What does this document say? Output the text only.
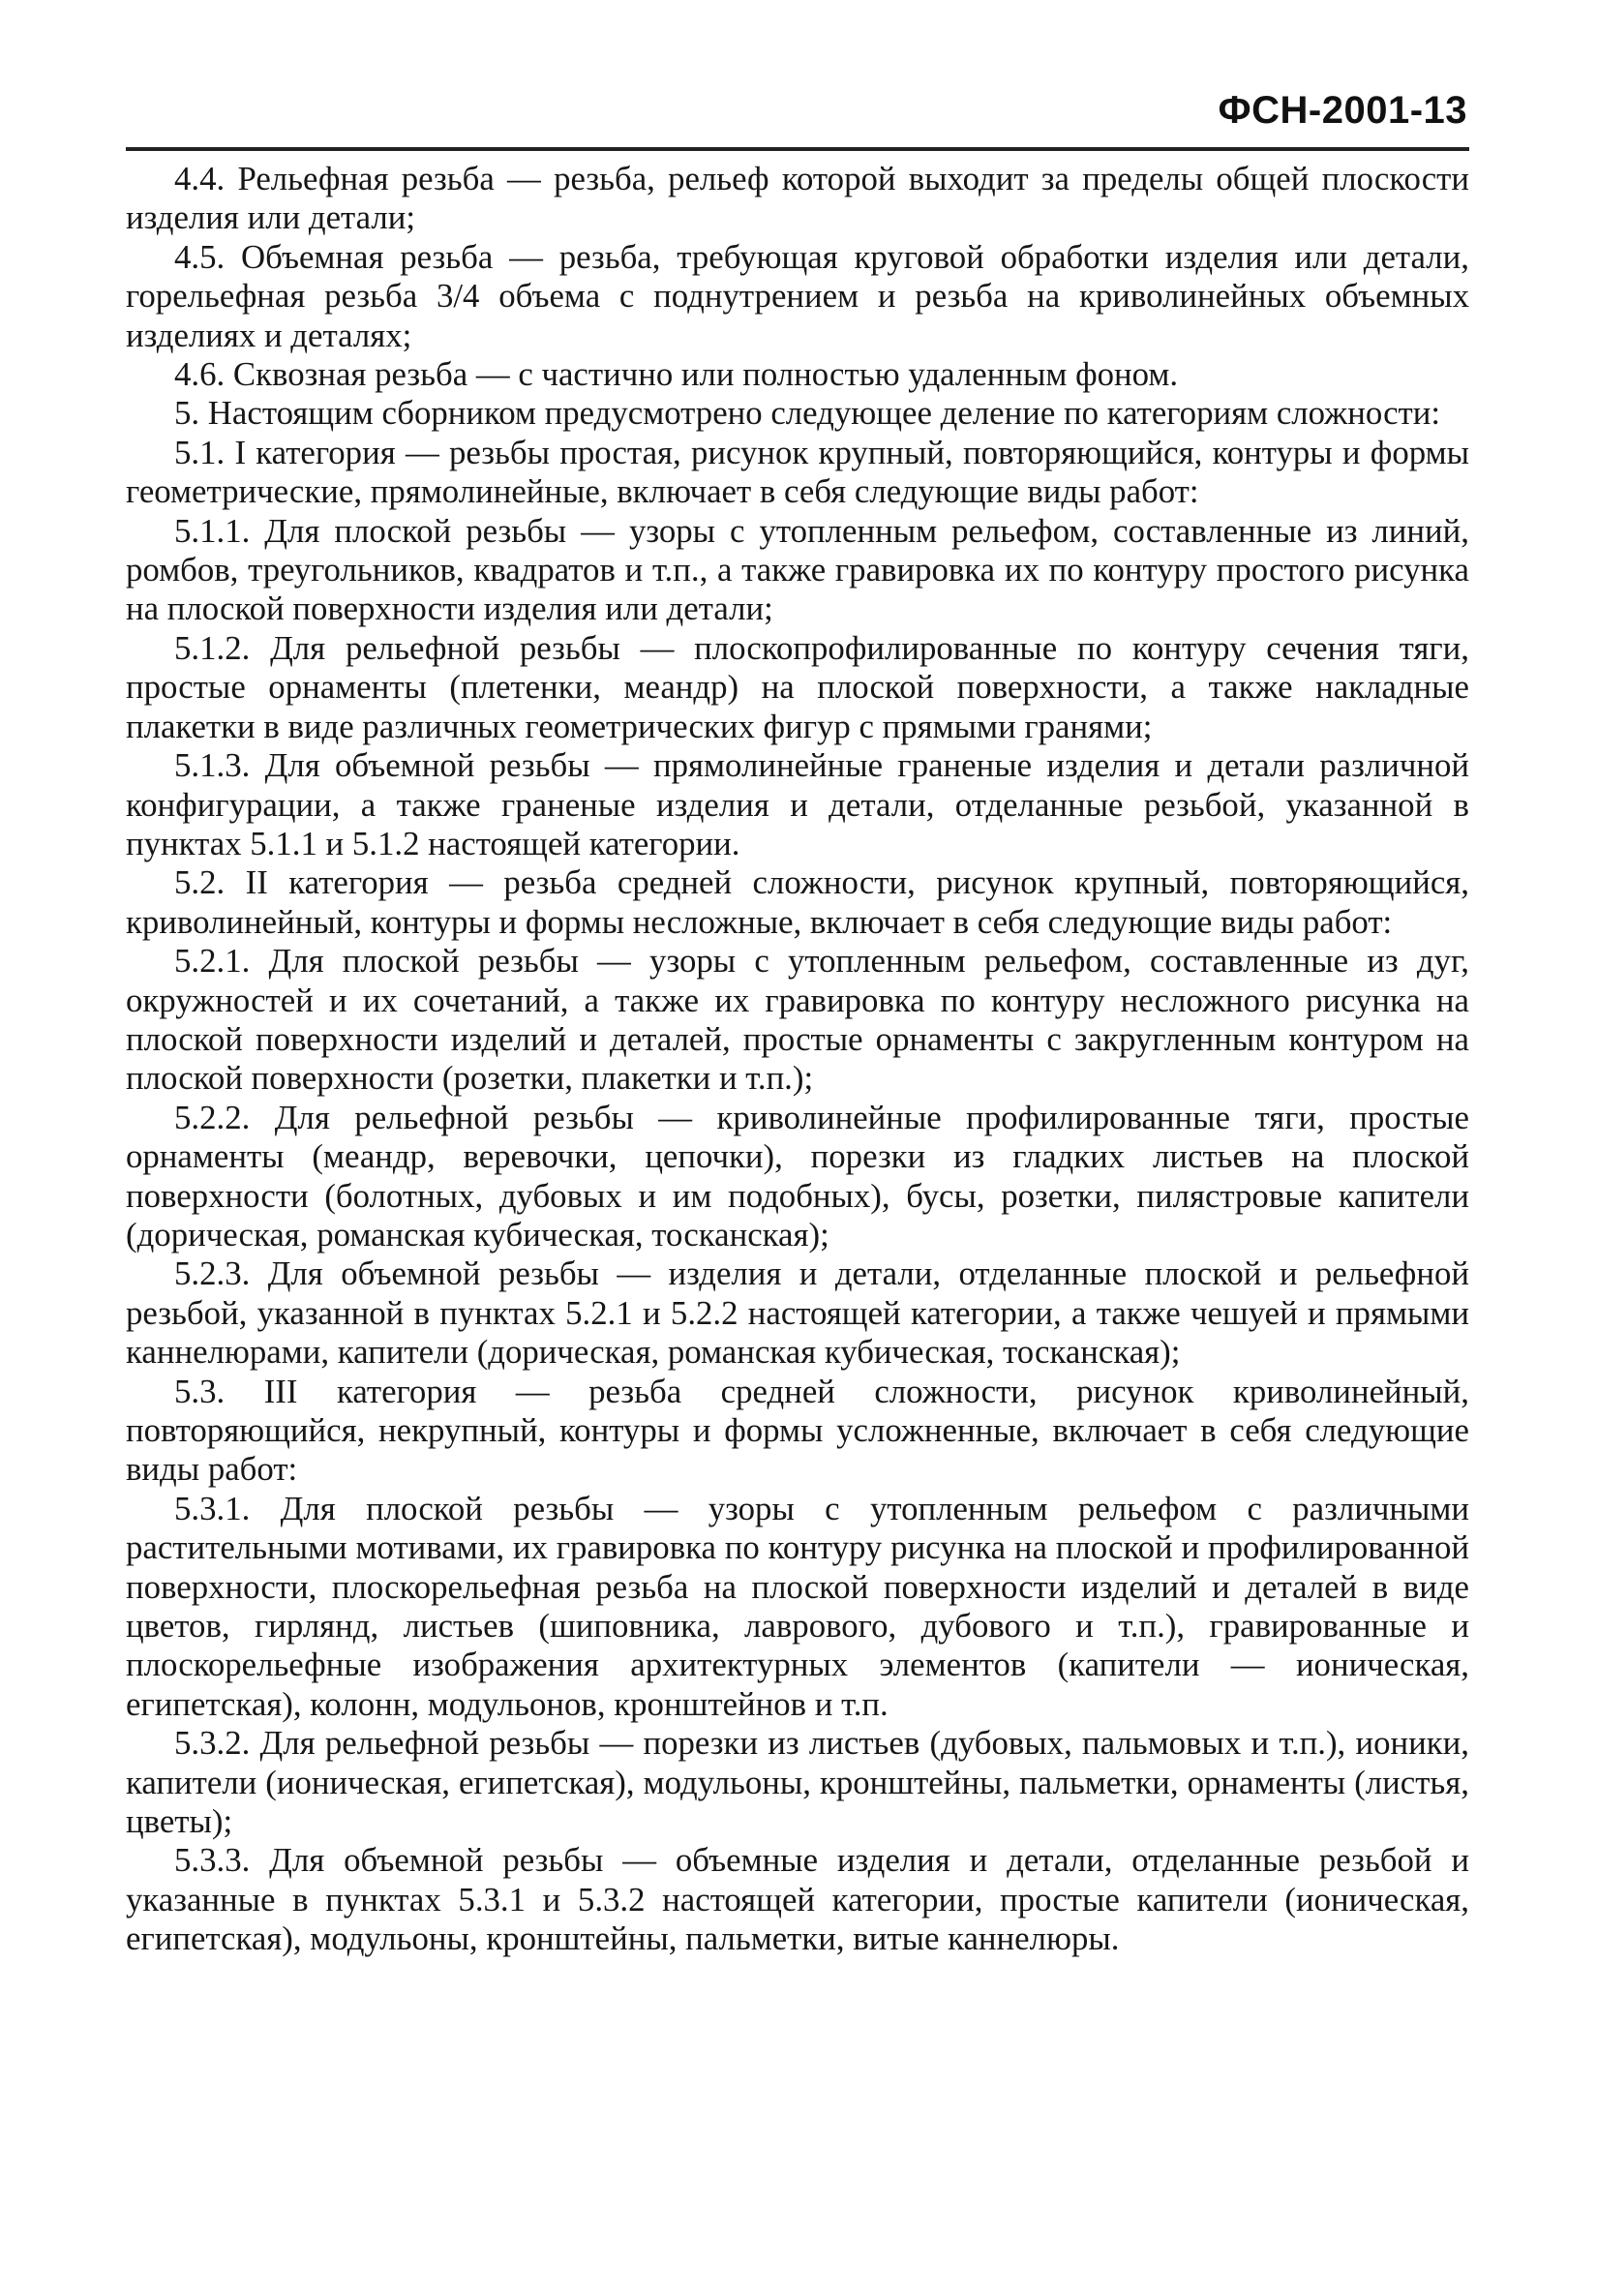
ФСН-2001-13

4.4. Рельефная резьба — резьба, рельеф которой выходит за пределы общей плоскости изделия или детали;

4.5. Объемная резьба — резьба, требующая круговой обработки изделия или детали, горельефная резьба 3/4 объема с поднутрением и резьба на криволинейных объемных изделиях и деталях;

4.6. Сквозная резьба — с частично или полностью удаленным фоном.

5. Настоящим сборником предусмотрено следующее деление по категориям сложности:

5.1. I категория — резьбы простая, рисунок крупный, повторяющийся, контуры и формы геометрические, прямолинейные, включает в себя следующие виды работ:

5.1.1. Для плоской резьбы — узоры с утопленным рельефом, составленные из линий, ромбов, треугольников, квадратов и т.п., а также гравировка их по контуру простого рисунка на плоской поверхности изделия или детали;

5.1.2. Для рельефной резьбы — плоскопрофилированные по контуру сечения тяги, простые орнаменты (плетенки, меандр) на плоской поверхности, а также накладные плакетки в виде различных геометрических фигур с прямыми гранями;

5.1.3. Для объемной резьбы — прямолинейные граненые изделия и детали различной конфигурации, а также граненые изделия и детали, отделанные резьбой, указанной в пунктах 5.1.1 и 5.1.2 настоящей категории.

5.2. II категория — резьба средней сложности, рисунок крупный, повторяющийся, криволинейный, контуры и формы несложные, включает в себя следующие виды работ:

5.2.1. Для плоской резьбы — узоры с утопленным рельефом, составленные из дуг, окружностей и их сочетаний, а также их гравировка по контуру несложного рисунка на плоской поверхности изделий и деталей, простые орнаменты с закругленным контуром на плоской поверхности (розетки, плакетки и т.п.);

5.2.2. Для рельефной резьбы — криволинейные профилированные тяги, простые орнаменты (меандр, веревочки, цепочки), порезки из гладких листьев на плоской поверхности (болотных, дубовых и им подобных), бусы, розетки, пилястровые капители (дорическая, романская кубическая, тосканская);

5.2.3. Для объемной резьбы — изделия и детали, отделанные плоской и рельефной резьбой, указанной в пунктах 5.2.1 и 5.2.2 настоящей категории, а также чешуей и прямыми каннелюрами, капители (дорическая, романская кубическая, тосканская);

5.3. III категория — резьба средней сложности, рисунок криволинейный, повторяющийся, некрупный, контуры и формы усложненные, включает в себя следующие виды работ:

5.3.1. Для плоской резьбы — узоры с утопленным рельефом с различными растительными мотивами, их гравировка по контуру рисунка на плоской и профилированной поверхности, плоскорельефная резьба на плоской поверхности изделий и деталей в виде цветов, гирлянд, листьев (шиповника, лаврового, дубового и т.п.), гравированные и плоскорельефные изображения архитектурных элементов (капители — ионическая, египетская), колонн, модульонов, кронштейнов и т.п.

5.3.2. Для рельефной резьбы — порезки из листьев (дубовых, пальмовых и т.п.), ионики, капители (ионическая, египетская), модульоны, кронштейны, пальметки, орнаменты (листья, цветы);

5.3.3. Для объемной резьбы — объемные изделия и детали, отделанные резьбой и указанные в пунктах 5.3.1 и 5.3.2 настоящей категории, простые капители (ионическая, египетская), модульоны, кронштейны, пальметки, витые каннелюры.
